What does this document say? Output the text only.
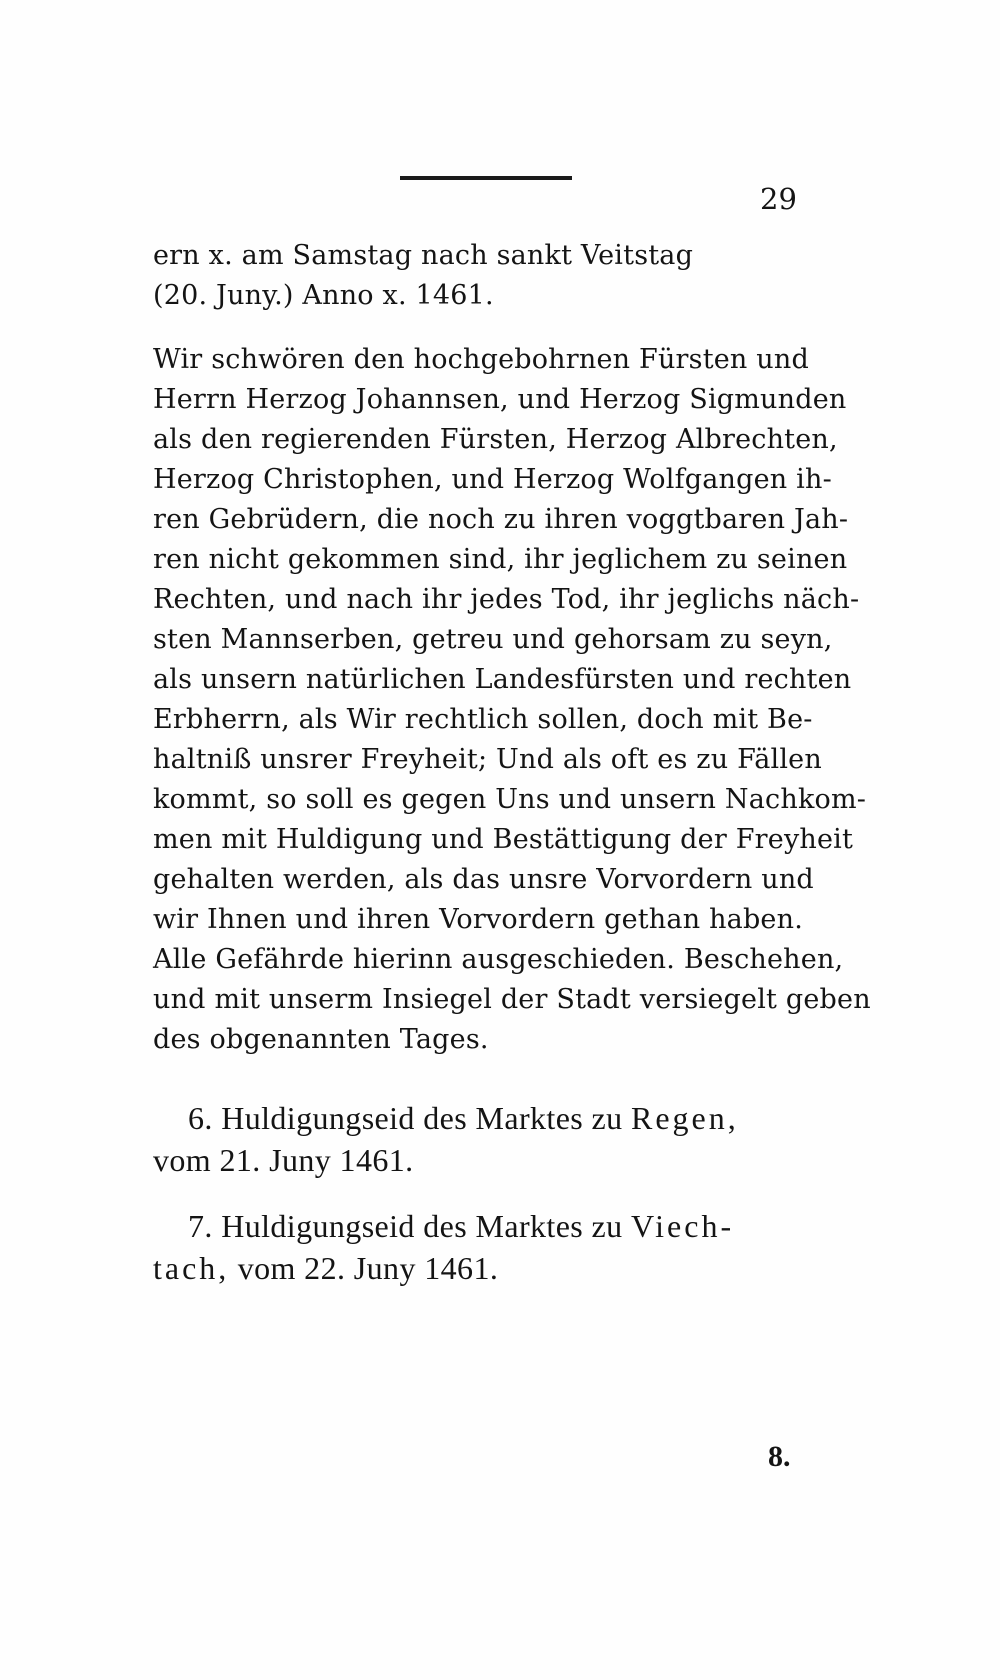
29
ern x. am Samstag nach sankt Veitstag
(20. Juny.) Anno x. 1461.
Wir schwören den hochgebohrnen Fürsten und
Herrn Herzog Johannsen, und Herzog Sigmunden
als den regierenden Fürsten, Herzog Albrechten,
Herzog Christophen, und Herzog Wolfgangen ih-
ren Gebrüdern, die noch zu ihren voggtbaren Jah-
ren nicht gekommen sind, ihr jeglichem zu seinen
Rechten, und nach ihr jedes Tod, ihr jeglichs näch-
sten Mannserben, getreu und gehorsam zu seyn,
als unsern natürlichen Landesfürsten und rechten
Erbherrn, als Wir rechtlich sollen, doch mit Be-
haltniß unsrer Freyheit; Und als oft es zu Fällen
kommt, so soll es gegen Uns und unsern Nachkom-
men mit Huldigung und Bestättigung der Freyheit
gehalten werden, als das unsre Vorvordern und
wir Ihnen und ihren Vorvordern gethan haben.
Alle Gefährde hierinn ausgeschieden. Beschehen,
und mit unserm Insiegel der Stadt versiegelt geben
des obgenannten Tages.
6. Huldigungseid des Marktes zu Regen,
vom 21. Juny 1461.
7. Huldigungseid des Marktes zu Viech-
tach, vom 22. Juny 1461.
8.
